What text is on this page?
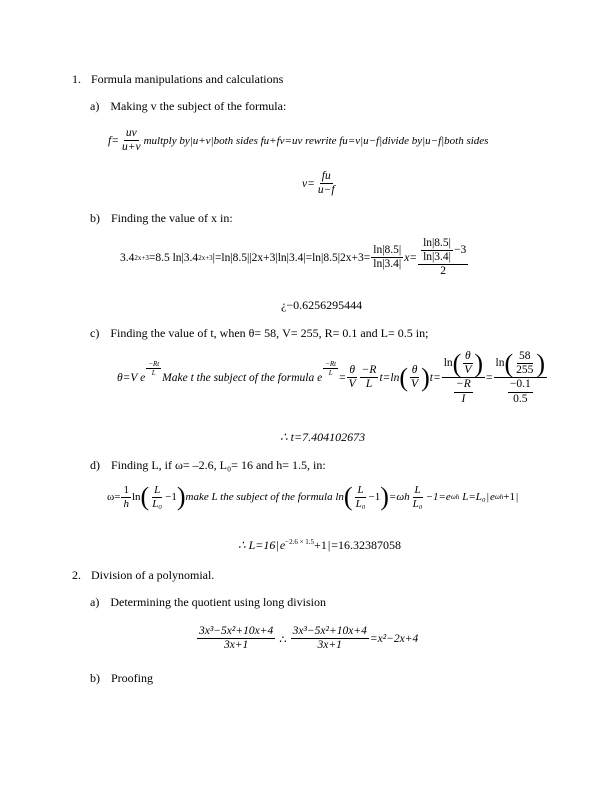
1. Formula manipulations and calculations
a) Making v the subject of the formula:
$f= \frac{uv}{u+v}$ multply by|u+v|both sides fu+fv=uv rewrite fu=v|u−f|divide by|u−f|both sides
$v= \frac{fu}{u-f}$
b) Finding the value of x in:
3.4 2x+3 =8.5 ln|3.4 2x+3 $|=\ln|8.5||2x+3|\ln|3.4|=\ln|8.5|2x+3= \frac{\ln|8.5|}{\ln|3.4|} x= \frac{\frac{\ln|8.5|}{\ln|3.4|} -3}{2}$
¿−0.6256295444
c) Finding the value of t, when θ= 58, V= 255, R= 0.1 and L= 0.5 in;
θ=V e
$\frac{-Rt}{L}$
Make t the subject of the formula e
$\frac{-Rt}{L}$
= $\frac{\theta}{V} \frac{-R}{L} t=\ln$ ( $\frac{\theta}{V}$ ) $t= \frac{\ln ( \frac{\theta}{V} )}{\frac{-R}{I}} = \frac{\ln ( \frac{58}{255} )}{\frac{-0.1}{0.5}}$
∴ t=7.404102673
d) Finding L, if ω= –2.6, L₀= 16 and h= 1.5, in:
$\omega= \frac{1}{h}$ ln ( $\frac{L}{\text{L₀}} -1$ ) make L the subject of the formula ln ( $\frac{L}{\text{L₀}} -1$ ) $=\omega h \frac{L}{\text{L₀}} -1=e$ ωh L=L₀ | e ωh +1 |
∴ $L=16|e^{-2.6 \times 1.5}+1|=16.32387058$
2. Division of a polynomial.
a) Determining the quotient using long division
$\frac{\text{3x³−5x²+10x+4}}{3x+1}$ ∴ $\frac{\text{3x³−5x²+10x+4}}{3x+1} =x^2-2x+4$
b) Proofing
